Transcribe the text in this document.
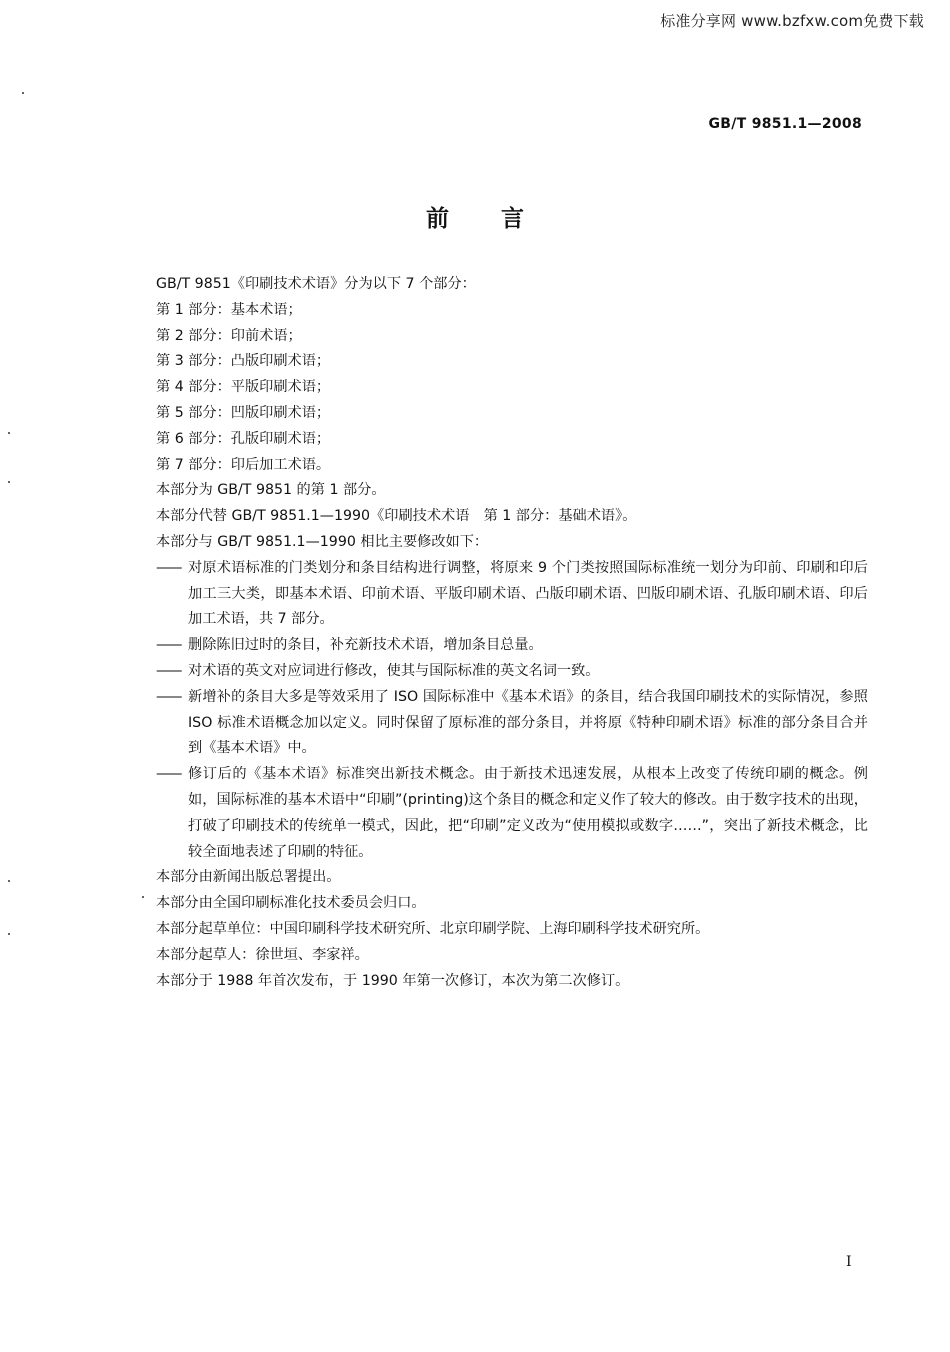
标准分享网 www.bzfxw.com免费下载
GB/T 9851.1—2008
前言
GB/T 9851《印刷技术术语》分为以下 7 个部分：
第 1 部分：基本术语；
第 2 部分：印前术语；
第 3 部分：凸版印刷术语；
第 4 部分：平版印刷术语；
第 5 部分：凹版印刷术语；
第 6 部分：孔版印刷术语；
第 7 部分：印后加工术语。
本部分为 GB/T 9851 的第 1 部分。
本部分代替 GB/T 9851.1—1990《印刷技术术语　第 1 部分：基础术语》。
本部分与 GB/T 9851.1—1990 相比主要修改如下：
—— 对原术语标准的门类划分和条目结构进行调整，将原来 9 个门类按照国际标准统一划分为印前、印刷和印后加工三大类，即基本术语、印前术语、平版印刷术语、凸版印刷术语、凹版印刷术语、孔版印刷术语、印后加工术语，共 7 部分。
—— 删除陈旧过时的条目，补充新技术术语，增加条目总量。
—— 对术语的英文对应词进行修改，使其与国际标准的英文名词一致。
—— 新增补的条目大多是等效采用了 ISO 国际标准中《基本术语》的条目，结合我国印刷技术的实际情况，参照 ISO 标准术语概念加以定义。同时保留了原标准的部分条目，并将原《特种印刷术语》标准的部分条目合并到《基本术语》中。
—— 修订后的《基本术语》标准突出新技术概念。由于新技术迅速发展，从根本上改变了传统印刷的概念。例如，国际标准的基本术语中“印刷”(printing)这个条目的概念和定义作了较大的修改。由于数字技术的出现，打破了印刷技术的传统单一模式，因此，把“印刷”定义改为“使用模拟或数字……”，突出了新技术概念，比较全面地表述了印刷的特征。
本部分由新闻出版总署提出。
本部分由全国印刷标准化技术委员会归口。
本部分起草单位：中国印刷科学技术研究所、北京印刷学院、上海印刷科学技术研究所。
本部分起草人：徐世垣、李家祥。
本部分于 1988 年首次发布，于 1990 年第一次修订，本次为第二次修订。
I
